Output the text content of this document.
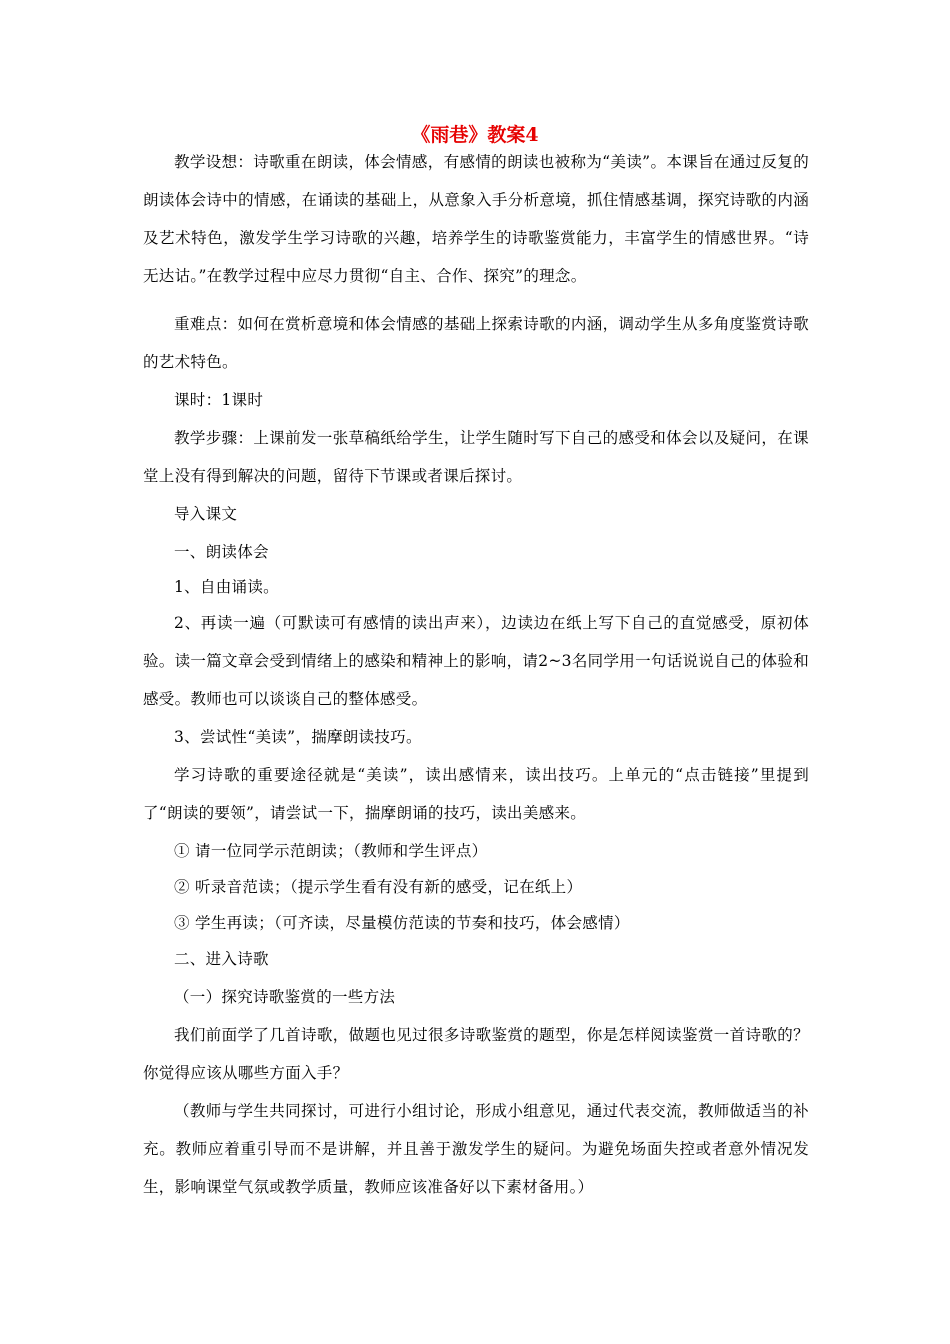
《雨巷》教案4
教学设想：诗歌重在朗读，体会情感，有感情的朗读也被称为“美读”。本课旨在通过反复的朗读体会诗中的情感，在诵读的基础上，从意象入手分析意境，抓住情感基调，探究诗歌的内涵及艺术特色，激发学生学习诗歌的兴趣，培养学生的诗歌鉴赏能力，丰富学生的情感世界。“诗无达诂。”在教学过程中应尽力贯彻“自主、合作、探究”的理念。
重难点：如何在赏析意境和体会情感的基础上探索诗歌的内涵，调动学生从多角度鉴赏诗歌的艺术特色。
课时：1课时
教学步骤：上课前发一张草稿纸给学生，让学生随时写下自己的感受和体会以及疑问，在课堂上没有得到解决的问题，留待下节课或者课后探讨。
导入课文
一、朗读体会
1、自由诵读。
2、再读一遍（可默读可有感情的读出声来），边读边在纸上写下自己的直觉感受，原初体验。读一篇文章会受到情绪上的感染和精神上的影响，请2~3名同学用一句话说说自己的体验和感受。教师也可以谈谈自己的整体感受。
3、尝试性“美读”，揣摩朗读技巧。
学习诗歌的重要途径就是“美读”，读出感情来，读出技巧。上单元的“点击链接”里提到了“朗读的要领”，请尝试一下，揣摩朗诵的技巧，读出美感来。
① 请一位同学示范朗读；（教师和学生评点）
② 听录音范读；（提示学生看有没有新的感受，记在纸上）
③ 学生再读；（可齐读，尽量模仿范读的节奏和技巧，体会感情）
二、进入诗歌
（一）探究诗歌鉴赏的一些方法
我们前面学了几首诗歌，做题也见过很多诗歌鉴赏的题型，你是怎样阅读鉴赏一首诗歌的？你觉得应该从哪些方面入手？
（教师与学生共同探讨，可进行小组讨论，形成小组意见，通过代表交流，教师做适当的补充。教师应着重引导而不是讲解，并且善于激发学生的疑问。为避免场面失控或者意外情况发生，影响课堂气氛或教学质量，教师应该准备好以下素材备用。）
